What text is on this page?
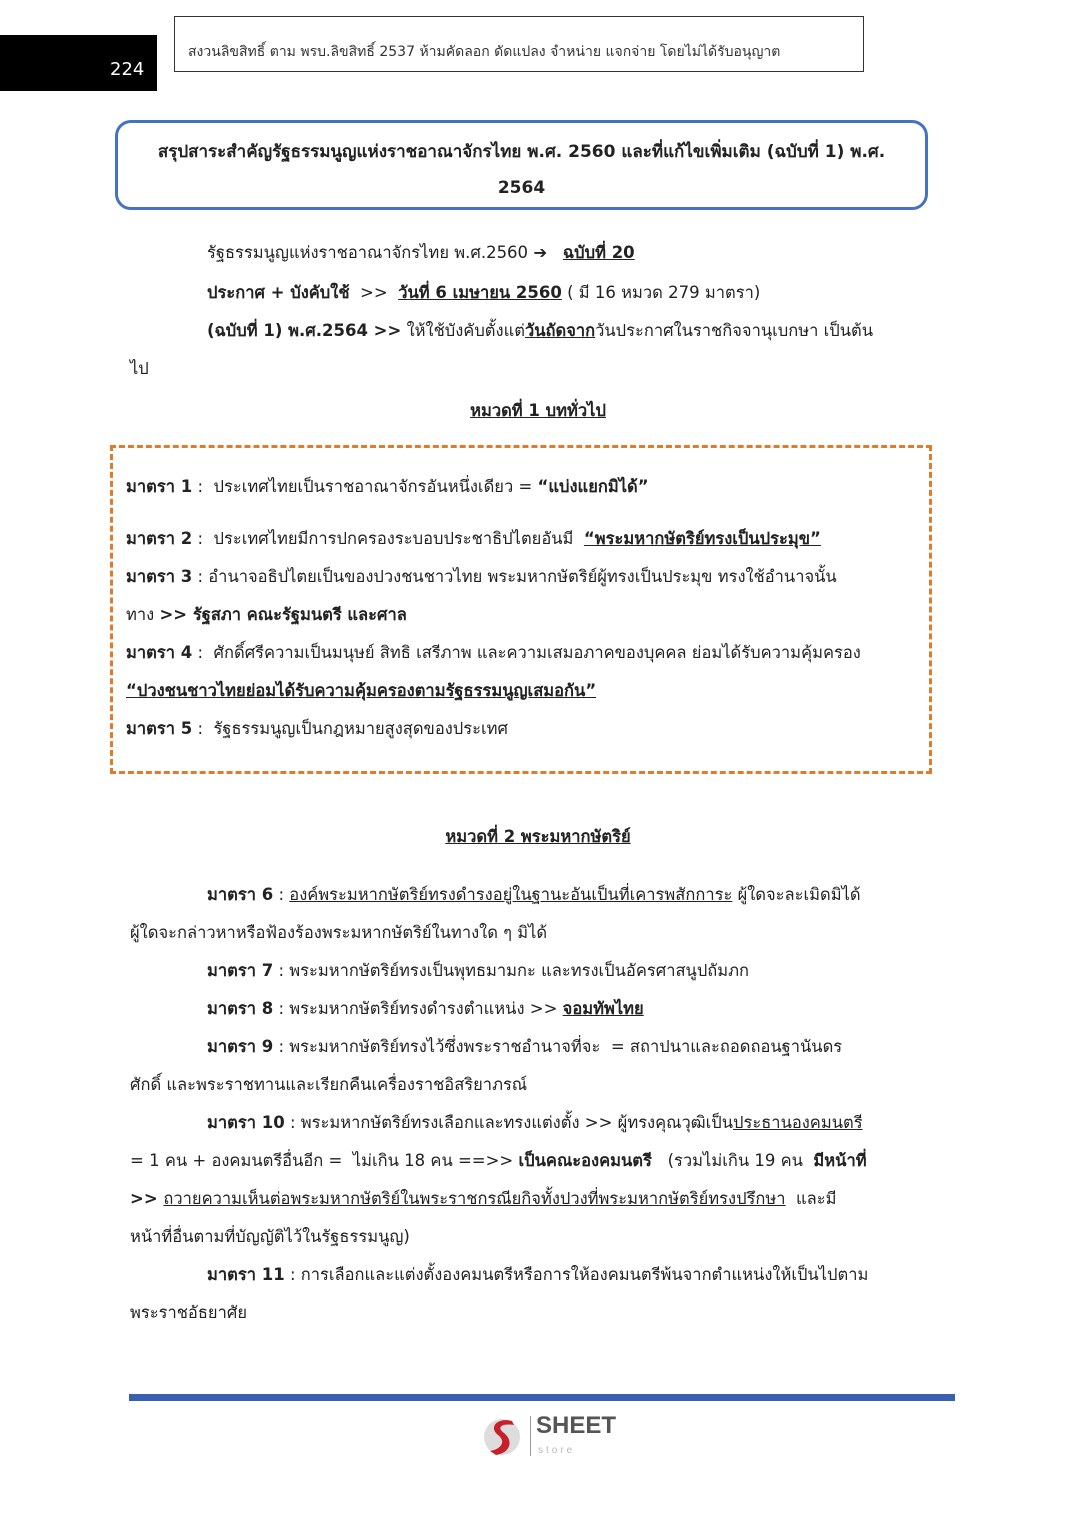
224
สงวนลิขสิทธิ์ ตาม พรบ.ลิขสิทธิ์ 2537 ห้ามคัดลอก ดัดแปลง จำหน่าย แจกจ่าย โดยไม่ได้รับอนุญาต
สรุปสาระสำคัญรัฐธรรมนูญแห่งราชอาณาจักรไทย พ.ศ. 2560 และที่แก้ไขเพิ่มเติม (ฉบับที่ 1) พ.ศ.
2564
รัฐธรรมนูญแห่งราชอาณาจักรไทย พ.ศ.2560 ➔ ฉบับที่ 20
ประกาศ + บังคับใช้  >>  วันที่ 6 เมษายน 2560 ( มี 16 หมวด 279 มาตรา)
(ฉบับที่ 1) พ.ศ.2564 >> ให้ใช้บังคับตั้งแต่วันถัดจากวันประกาศในราชกิจจานุเบกษา เป็นต้น
ไป
หมวดที่ 1 บททั่วไป
มาตรา 1 :  ประเทศไทยเป็นราชอาณาจักรอันหนึ่งเดียว = “แบ่งแยกมิได้”
มาตรา 2 :  ประเทศไทยมีการปกครองระบอบประชาธิปไตยอันมี  “พระมหากษัตริย์ทรงเป็นประมุข”
มาตรา 3 : อำนาจอธิปไตยเป็นของปวงชนชาวไทย พระมหากษัตริย์ผู้ทรงเป็นประมุข ทรงใช้อำนาจนั้น
ทาง >> รัฐสภา คณะรัฐมนตรี และศาล
มาตรา 4 :  ศักดิ์ศรีความเป็นมนุษย์ สิทธิ เสรีภาพ และความเสมอภาคของบุคคล ย่อมได้รับความคุ้มครอง
“ปวงชนชาวไทยย่อมได้รับความคุ้มครองตามรัฐธรรมนูญเสมอกัน”
มาตรา 5 :  รัฐธรรมนูญเป็นกฎหมายสูงสุดของประเทศ
หมวดที่ 2 พระมหากษัตริย์
มาตรา 6 : องค์พระมหากษัตริย์ทรงดำรงอยู่ในฐานะอันเป็นที่เคารพสักการะ ผู้ใดจะละเมิดมิได้
ผู้ใดจะกล่าวหาหรือฟ้องร้องพระมหากษัตริย์ในทางใด ๆ มิได้
มาตรา 7 : พระมหากษัตริย์ทรงเป็นพุทธมามกะ และทรงเป็นอัครศาสนูปถัมภก
มาตรา 8 : พระมหากษัตริย์ทรงดำรงตำแหน่ง >> จอมทัพไทย
มาตรา 9 : พระมหากษัตริย์ทรงไว้ซึ่งพระราชอำนาจที่จะ  = สถาปนาและถอดถอนฐานันดร
ศักดิ์ และพระราชทานและเรียกคืนเครื่องราชอิสริยาภรณ์
มาตรา 10 : พระมหากษัตริย์ทรงเลือกและทรงแต่งตั้ง >> ผู้ทรงคุณวุฒิเป็นประธานองคมนตรี
= 1 คน + องคมนตรีอื่นอีก =  ไม่เกิน 18 คน ==>> เป็นคณะองคมนตรี   (รวมไม่เกิน 19 คน  มีหน้าที่
>> ถวายความเห็นต่อพระมหากษัตริย์ในพระราชกรณียกิจทั้งปวงที่พระมหากษัตริย์ทรงปรึกษา  และมี
หน้าที่อื่นตามที่บัญญัติไว้ในรัฐธรรมนูญ)
มาตรา 11 : การเลือกและแต่งตั้งองคมนตรีหรือการให้องคมนตรีพ้นจากตำแหน่งให้เป็นไปตาม
พระราชอัธยาศัย
SHEET
store
